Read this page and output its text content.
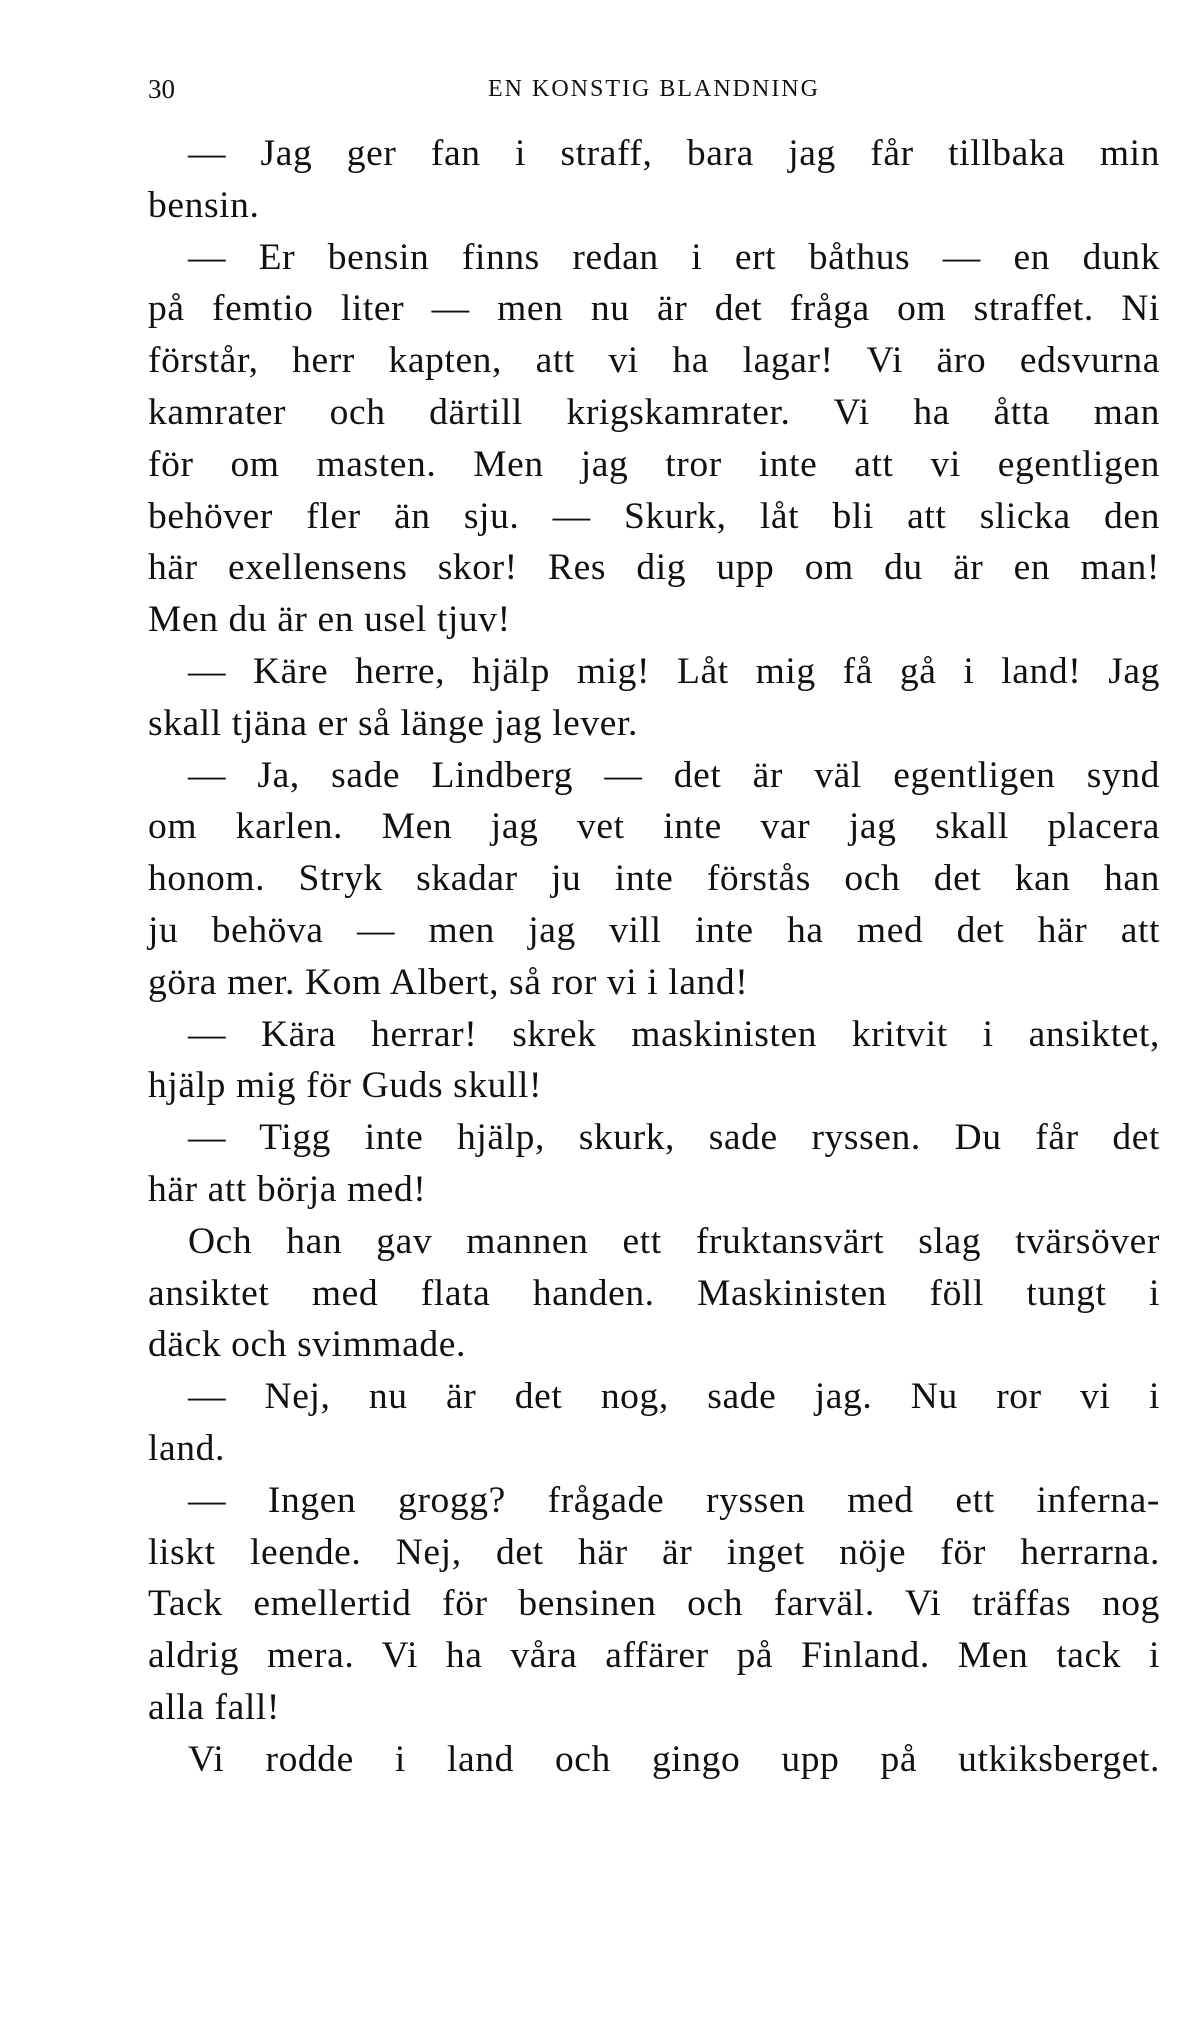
30	EN KONSTIG BLANDNING
— Jag ger fan i straff, bara jag får tillbaka min
bensin.
— Er bensin finns redan i ert båthus — en dunk
på femtio liter — men nu är det fråga om straffet. Ni
förstår, herr kapten, att vi ha lagar! Vi äro edsvurna
kamrater och därtill krigskamrater. Vi ha åtta man
för om masten. Men jag tror inte att vi egentligen
behöver fler än sju. — Skurk, låt bli att slicka den
här exellensens skor! Res dig upp om du är en man!
Men du är en usel tjuv!
— Käre herre, hjälp mig! Låt mig få gå i land! Jag
skall tjäna er så länge jag lever.
— Ja, sade Lindberg — det är väl egentligen synd
om karlen. Men jag vet inte var jag skall placera
honom. Stryk skadar ju inte förstås och det kan han
ju behöva — men jag vill inte ha med det här att
göra mer. Kom Albert, så ror vi i land!
— Kära herrar! skrek maskinisten kritvit i ansiktet,
hjälp mig för Guds skull!
— Tigg inte hjälp, skurk, sade ryssen. Du får det
här att börja med!
Och han gav mannen ett fruktansvärt slag tvärsöver
ansiktet med flata handen. Maskinisten föll tungt i
däck och svimmade.
— Nej, nu är det nog, sade jag. Nu ror vi i
land.
— Ingen grogg? frågade ryssen med ett inferna-
liskt leende. Nej, det här är inget nöje för herrarna.
Tack emellertid för bensinen och farväl. Vi träffas nog
aldrig mera. Vi ha våra affärer på Finland. Men tack i
alla fall!
Vi rodde i land och gingo upp på utkiksberget.
